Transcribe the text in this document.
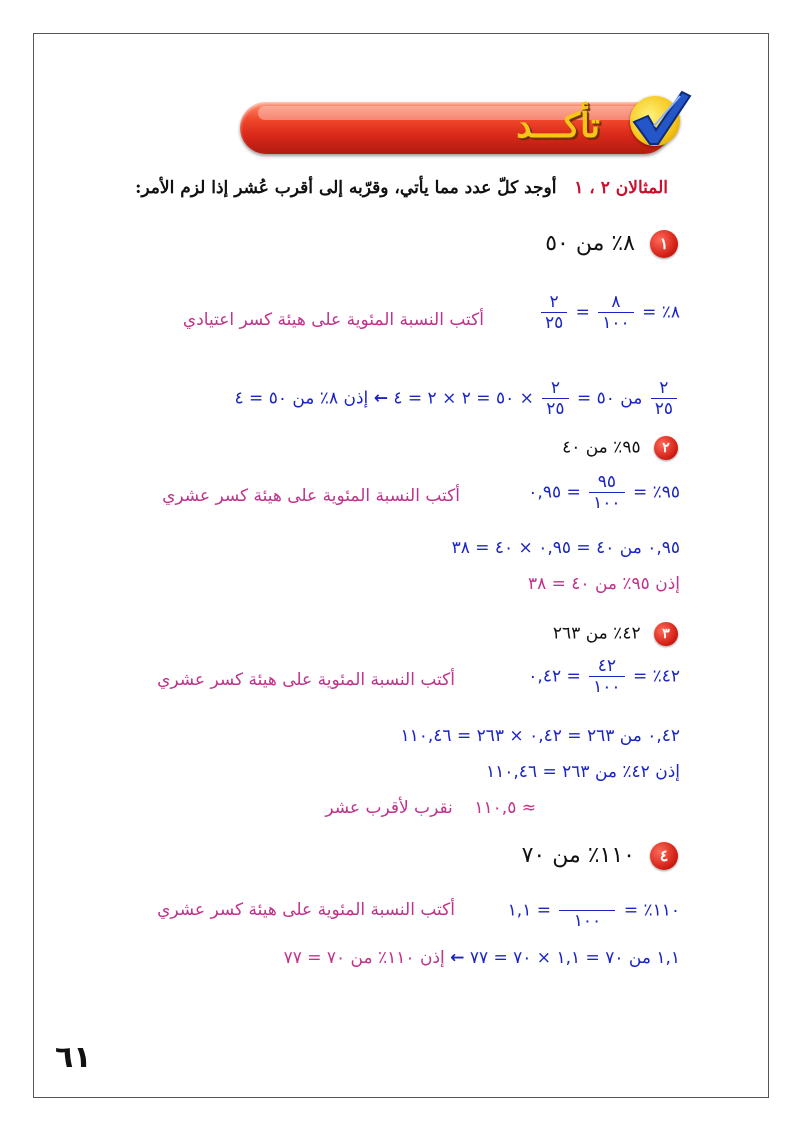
تأكـــد
المثالان ٢ ، ١   أوجد كلّ عدد مما يأتي، وقرّبه إلى أقرب عُشر إذا لزم الأمر:
١ ٨٪ من ٥٠
٨٪ =
$\frac{٨}{١٠٠}$
=
$\frac{٢}{٢٥}$
أكتب النسبة المئوية على هيئة كسر اعتيادي
$\frac{٢}{٢٥}$
من ٥٠ =
$\frac{٢}{٢٥}$
× ٥٠ = ٢ × ٢ = ٤ ← إذن ٨٪ من ٥٠ = ٤
٢ ٩٥٪ من ٤٠
٩٥٪ =
$\frac{٩٥}{١٠٠}$
= ٠,٩٥
أكتب النسبة المئوية على هيئة كسر عشري
٠,٩٥ من ٤٠ = ٠,٩٥ × ٤٠ = ٣٨
إذن ٩٥٪ من ٤٠ = ٣٨
٣ ٤٢٪ من ٢٦٣
٤٢٪ =
$\frac{٤٢}{١٠٠}$
= ٠,٤٢
أكتب النسبة المئوية على هيئة كسر عشري
٠,٤٢ من ٢٦٣ = ٠,٤٢ × ٢٦٣ = ١١٠,٤٦
إذن ٤٢٪ من ٢٦٣ = ١١٠,٤٦
≈ ١١٠,٥    نقرب لأقرب عشر
٤ ١١٠٪ من ٧٠
١١٠٪ =

١٠٠
= ١,١
أكتب النسبة المئوية على هيئة كسر عشري
١,١ من ٧٠ = ١,١ × ٧٠ = ٧٧ ← إذن ١١٠٪ من ٧٠ = ٧٧
٦١
